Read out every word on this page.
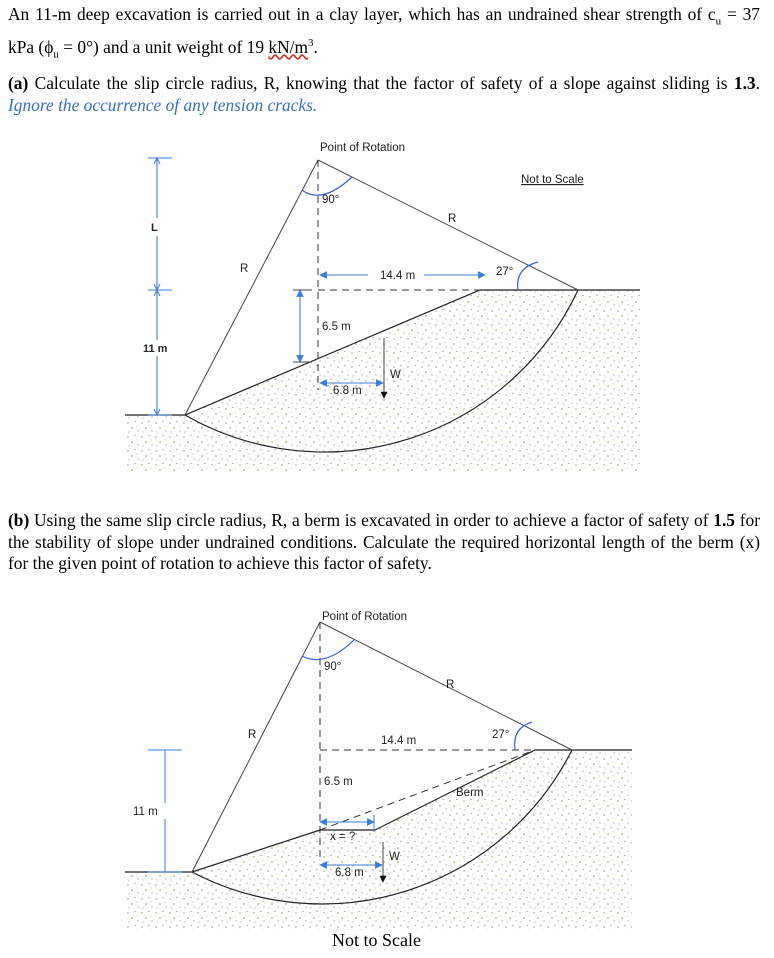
An 11-m deep excavation is carried out in a clay layer, which has an undrained shear strength of $c_u = 37$ kPa $(\phi_u = 0^\circ)$ and a unit weight of 19 $kN/m^3$.

(a) Calculate the slip circle radius, R, knowing that the factor of safety of a slope against sliding is 1.3. Ignore the occurrence of any tension cracks.

(b) Using the same slip circle radius, R, a berm is excavated in order to achieve a factor of safety of 1.5 for the stability of slope under undrained conditions. Calculate the required horizontal length of the berm (x) for the given point of rotation to achieve this factor of safety.

14.4 m
6.5 m
6.8 m
W
Point of Rotation
Not to Scale
90°
27°
R
R
L
11 m
x = ?
6.8 m
W
Point of Rotation
90°
27°
R
R	14.4 m
6.5 m
Berm
11 m
Not to Scale
